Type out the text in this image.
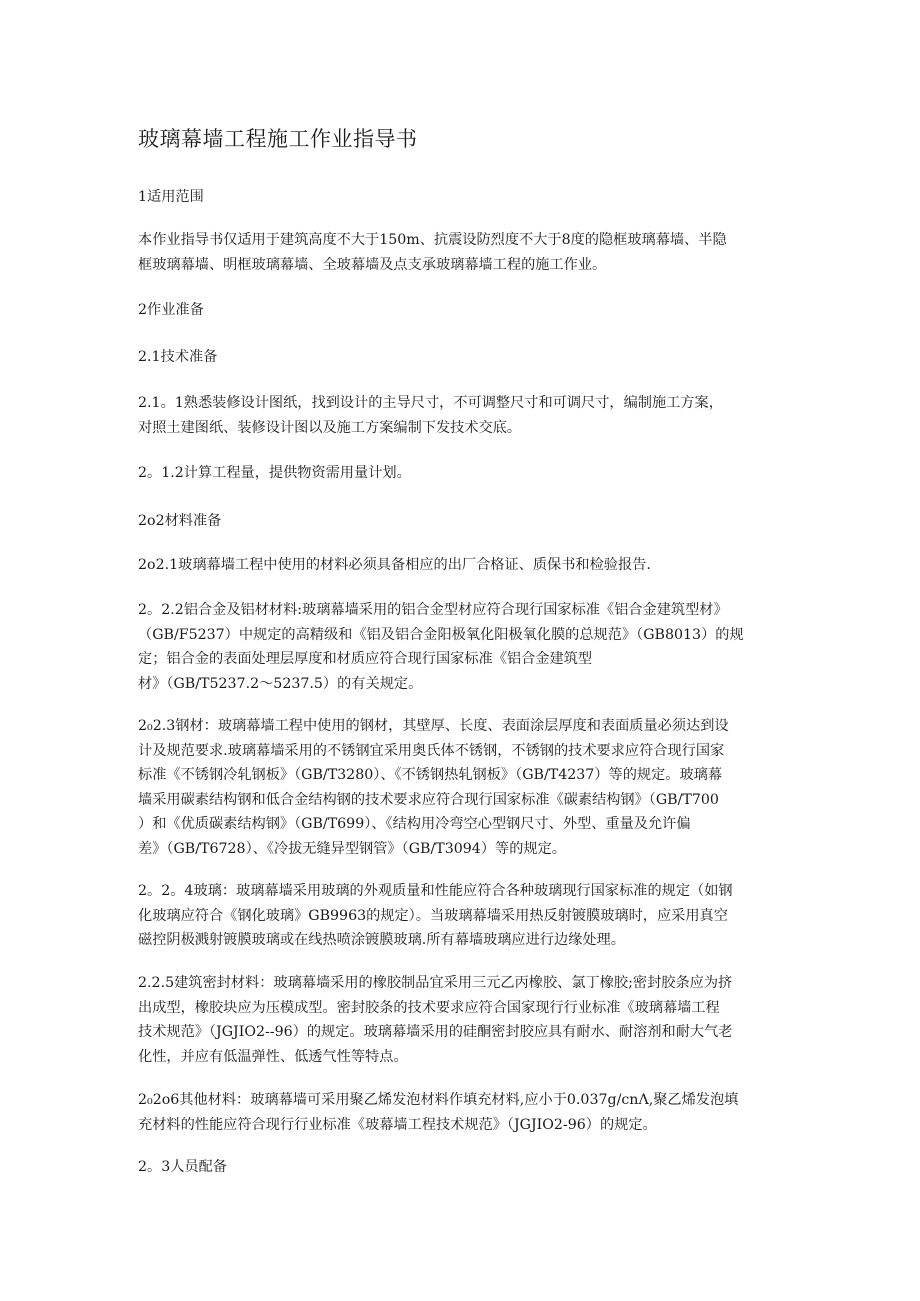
玻璃幕墙工程施工作业指导书

1适用范围

本作业指导书仅适用于建筑高度不大于150m、抗震设防烈度不大于8度的隐框玻璃幕墙、半隐
框玻璃幕墙、明框玻璃幕墙、全玻幕墙及点支承玻璃幕墙工程的施工作业。

2作业准备

2.1技术准备

2.1。1熟悉装修设计图纸，找到设计的主导尺寸，不可调整尺寸和可调尺寸，编制施工方案，
对照土建图纸、装修设计图以及施工方案编制下发技术交底。

2。1.2计算工程量，提供物资需用量计划。

2o2材料准备

2o2.1玻璃幕墙工程中使用的材料必须具备相应的出厂合格证、质保书和检验报告.

2。2.2铝合金及铝材材料:玻璃幕墙采用的铝合金型材应符合现行国家标准《铝合金建筑型材》
（GB/F5237）中规定的高精级和《铝及铝合金阳极氧化阳极氧化膜的总规范》（GB8013）的规
定；铝合金的表面处理层厚度和材质应符合现行国家标准《铝合金建筑型
材》（GB/T5237.2～5237.5）的有关规定。

2₀2.3钢材：玻璃幕墙工程中使用的钢材，其壁厚、长度、表面涂层厚度和表面质量必须达到设
计及规范要求.玻璃幕墙采用的不锈钢宜采用奥氏体不锈钢，不锈钢的技术要求应符合现行国家
标准《不锈钢冷轧钢板》（GB/T3280）、《不锈钢热轧钢板》（GB/T4237）等的规定。玻璃幕
墙采用碳素结构钢和低合金结构钢的技术要求应符合现行国家标准《碳素结构钢》（GB/T700
）和《优质碳素结构钢》（GB/T699）、《结构用冷弯空心型钢尺寸、外型、重量及允许偏
差》（GB/T6728）、《冷拔无缝异型钢管》（GB/T3094）等的规定。

2。2。4玻璃：玻璃幕墙采用玻璃的外观质量和性能应符合各种玻璃现行国家标准的规定（如钢
化玻璃应符合《钢化玻璃》GB9963的规定）。当玻璃幕墙采用热反射镀膜玻璃时，应采用真空
磁控阴极溅射镀膜玻璃或在线热喷涂镀膜玻璃.所有幕墙玻璃应进行边缘处理。

2.2.5建筑密封材料：玻璃幕墙采用的橡胶制品宜采用三元乙丙橡胶、氯丁橡胶;密封胶条应为挤
出成型，橡胶块应为压模成型。密封胶条的技术要求应符合国家现行行业标准《玻璃幕墙工程
技术规范》（JGJIO2--96）的规定。玻璃幕墙采用的硅酮密封胶应具有耐水、耐溶剂和耐大气老
化性，并应有低温弹性、低透气性等特点。

2₀2o6其他材料：玻璃幕墙可采用聚乙烯发泡材料作填充材料,应小于0.037g∕cnΛ,聚乙烯发泡填
充材料的性能应符合现行行业标准《玻幕墙工程技术规范》（JGJIO2-96）的规定。

2。3人员配备
